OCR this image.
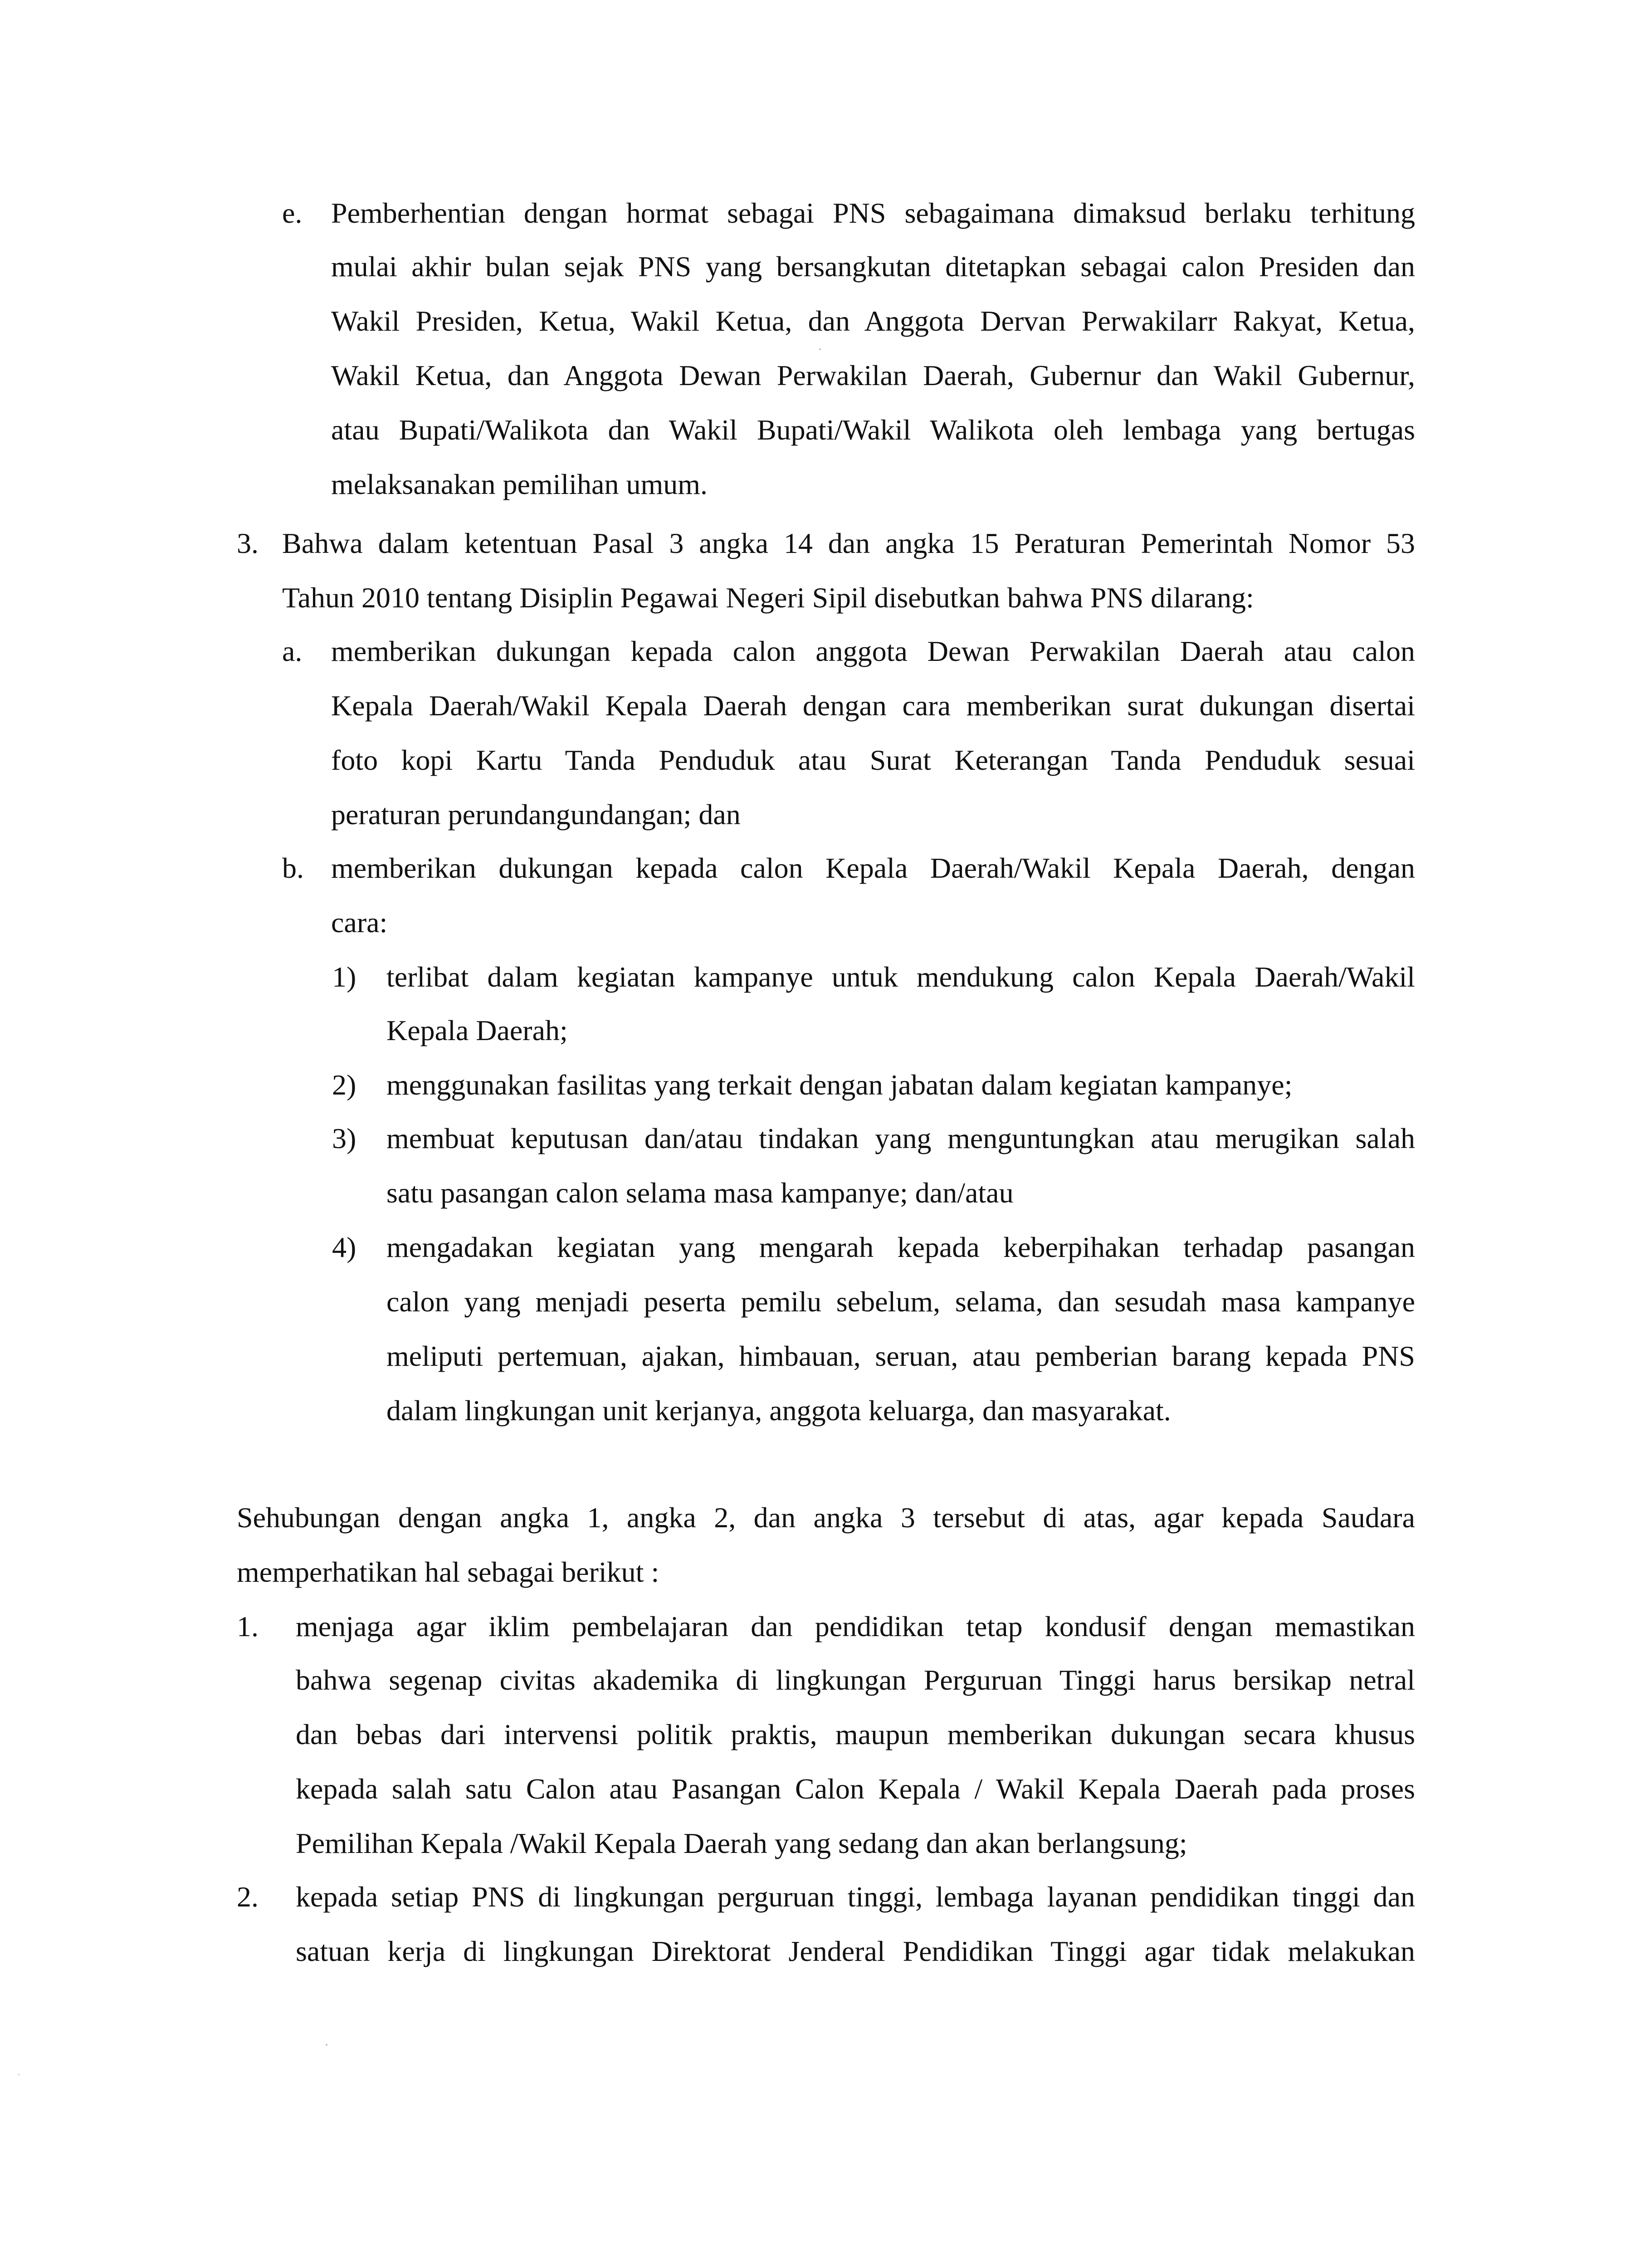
e. Pemberhentian dengan hormat sebagai PNS sebagaimana dimaksud berlaku terhitung
mulai akhir bulan sejak PNS yang bersangkutan ditetapkan sebagai calon Presiden dan
Wakil Presiden, Ketua, Wakil Ketua, dan Anggota Dervan Perwakilarr Rakyat, Ketua,
Wakil Ketua, dan Anggota Dewan Perwakilan Daerah, Gubernur dan Wakil Gubernur,
atau Bupati/Walikota dan Wakil Bupati/Wakil Walikota oleh lembaga yang bertugas
melaksanakan pemilihan umum.
3. Bahwa dalam ketentuan Pasal 3 angka 14 dan angka 15 Peraturan Pemerintah Nomor 53
Tahun 2010 tentang Disiplin Pegawai Negeri Sipil disebutkan bahwa PNS dilarang:
a. memberikan dukungan kepada calon anggota Dewan Perwakilan Daerah atau calon
Kepala Daerah/Wakil Kepala Daerah dengan cara memberikan surat dukungan disertai
foto kopi Kartu Tanda Penduduk atau Surat Keterangan Tanda Penduduk sesuai
peraturan perundangundangan; dan
b. memberikan dukungan kepada calon Kepala Daerah/Wakil Kepala Daerah, dengan
cara:
1) terlibat dalam kegiatan kampanye untuk mendukung calon Kepala Daerah/Wakil
Kepala Daerah;
2) menggunakan fasilitas yang terkait dengan jabatan dalam kegiatan kampanye;
3) membuat keputusan dan/atau tindakan yang menguntungkan atau merugikan salah
satu pasangan calon selama masa kampanye; dan/atau
4) mengadakan kegiatan yang mengarah kepada keberpihakan terhadap pasangan
calon yang menjadi peserta pemilu sebelum, selama, dan sesudah masa kampanye
meliputi pertemuan, ajakan, himbauan, seruan, atau pemberian barang kepada PNS
dalam lingkungan unit kerjanya, anggota keluarga, dan masyarakat.
Sehubungan dengan angka 1, angka 2, dan angka 3 tersebut di atas, agar kepada Saudara
memperhatikan hal sebagai berikut :
1. menjaga agar iklim pembelajaran dan pendidikan tetap kondusif dengan memastikan
bahwa segenap civitas akademika di lingkungan Perguruan Tinggi harus bersikap netral
dan bebas dari intervensi politik praktis, maupun memberikan dukungan secara khusus
kepada salah satu Calon atau Pasangan Calon Kepala / Wakil Kepala Daerah pada proses
Pemilihan Kepala /Wakil Kepala Daerah yang sedang dan akan berlangsung;
2. kepada setiap PNS di lingkungan perguruan tinggi, lembaga layanan pendidikan tinggi dan
satuan kerja di lingkungan Direktorat Jenderal Pendidikan Tinggi agar tidak melakukan
